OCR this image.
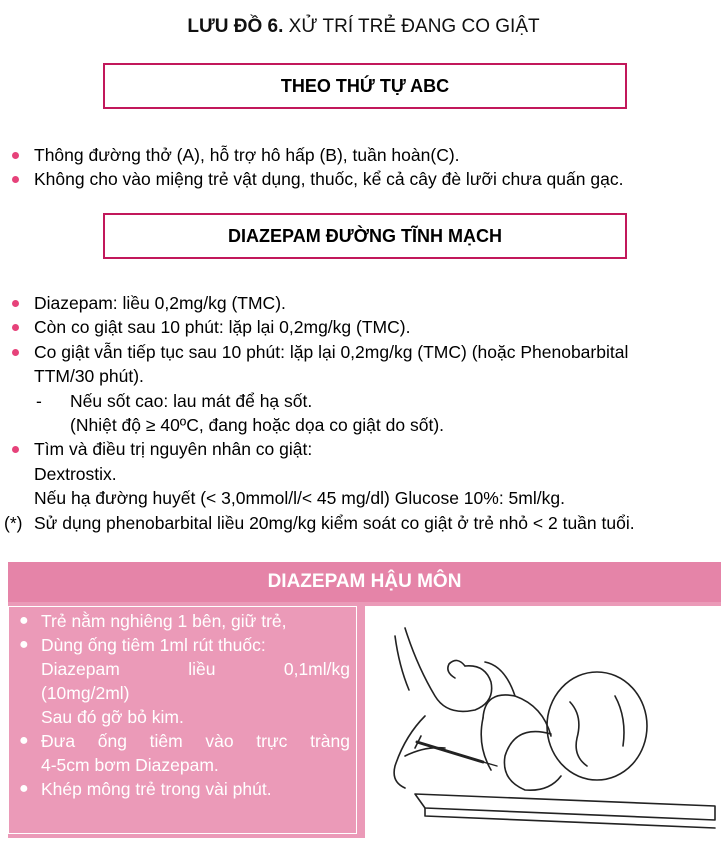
LƯU ĐỒ 6. XỬ TRÍ TRẺ ĐANG CO GIẬT
THEO THỨ TỰ ABC
Thông đường thở (A), hỗ trợ hô hấp (B), tuần hoàn(C).
Không cho vào miệng trẻ vật dụng, thuốc, kể cả cây đè lưỡi chưa quấn gạc.
DIAZEPAM ĐƯỜNG TĨNH MẠCH
Diazepam: liều 0,2mg/kg (TMC).
Còn co giật sau 10 phút: lặp lại 0,2mg/kg (TMC).
Co giật vẫn tiếp tục sau 10 phút: lặp lại 0,2mg/kg (TMC) (hoặc Phenobarbital
TTM/30 phút).
- Nếu sốt cao: lau mát để hạ sốt.
(Nhiệt độ ≥ 40ºC, đang hoặc dọa co giật do sốt).
Tìm và điều trị nguyên nhân co giật:
Dextrostix.
Nếu hạ đường huyết (< 3,0mmol/l/< 45 mg/dl) Glucose 10%: 5ml/kg.
(*) Sử dụng phenobarbital liều 20mg/kg kiểm soát co giật ở trẻ nhỏ < 2 tuần tuổi.
DIAZEPAM HẬU MÔN
● Trẻ nằm nghiêng 1 bên, giữ trẻ,
● Dùng ống tiêm 1ml rút thuốc:
Diazepam liều 0,1ml/kg
(10mg/2ml)
Sau đó gỡ bỏ kim.
● Đưa ống tiêm vào trực tràng
4-5cm bơm Diazepam.
● Khép mông trẻ trong vài phút.
